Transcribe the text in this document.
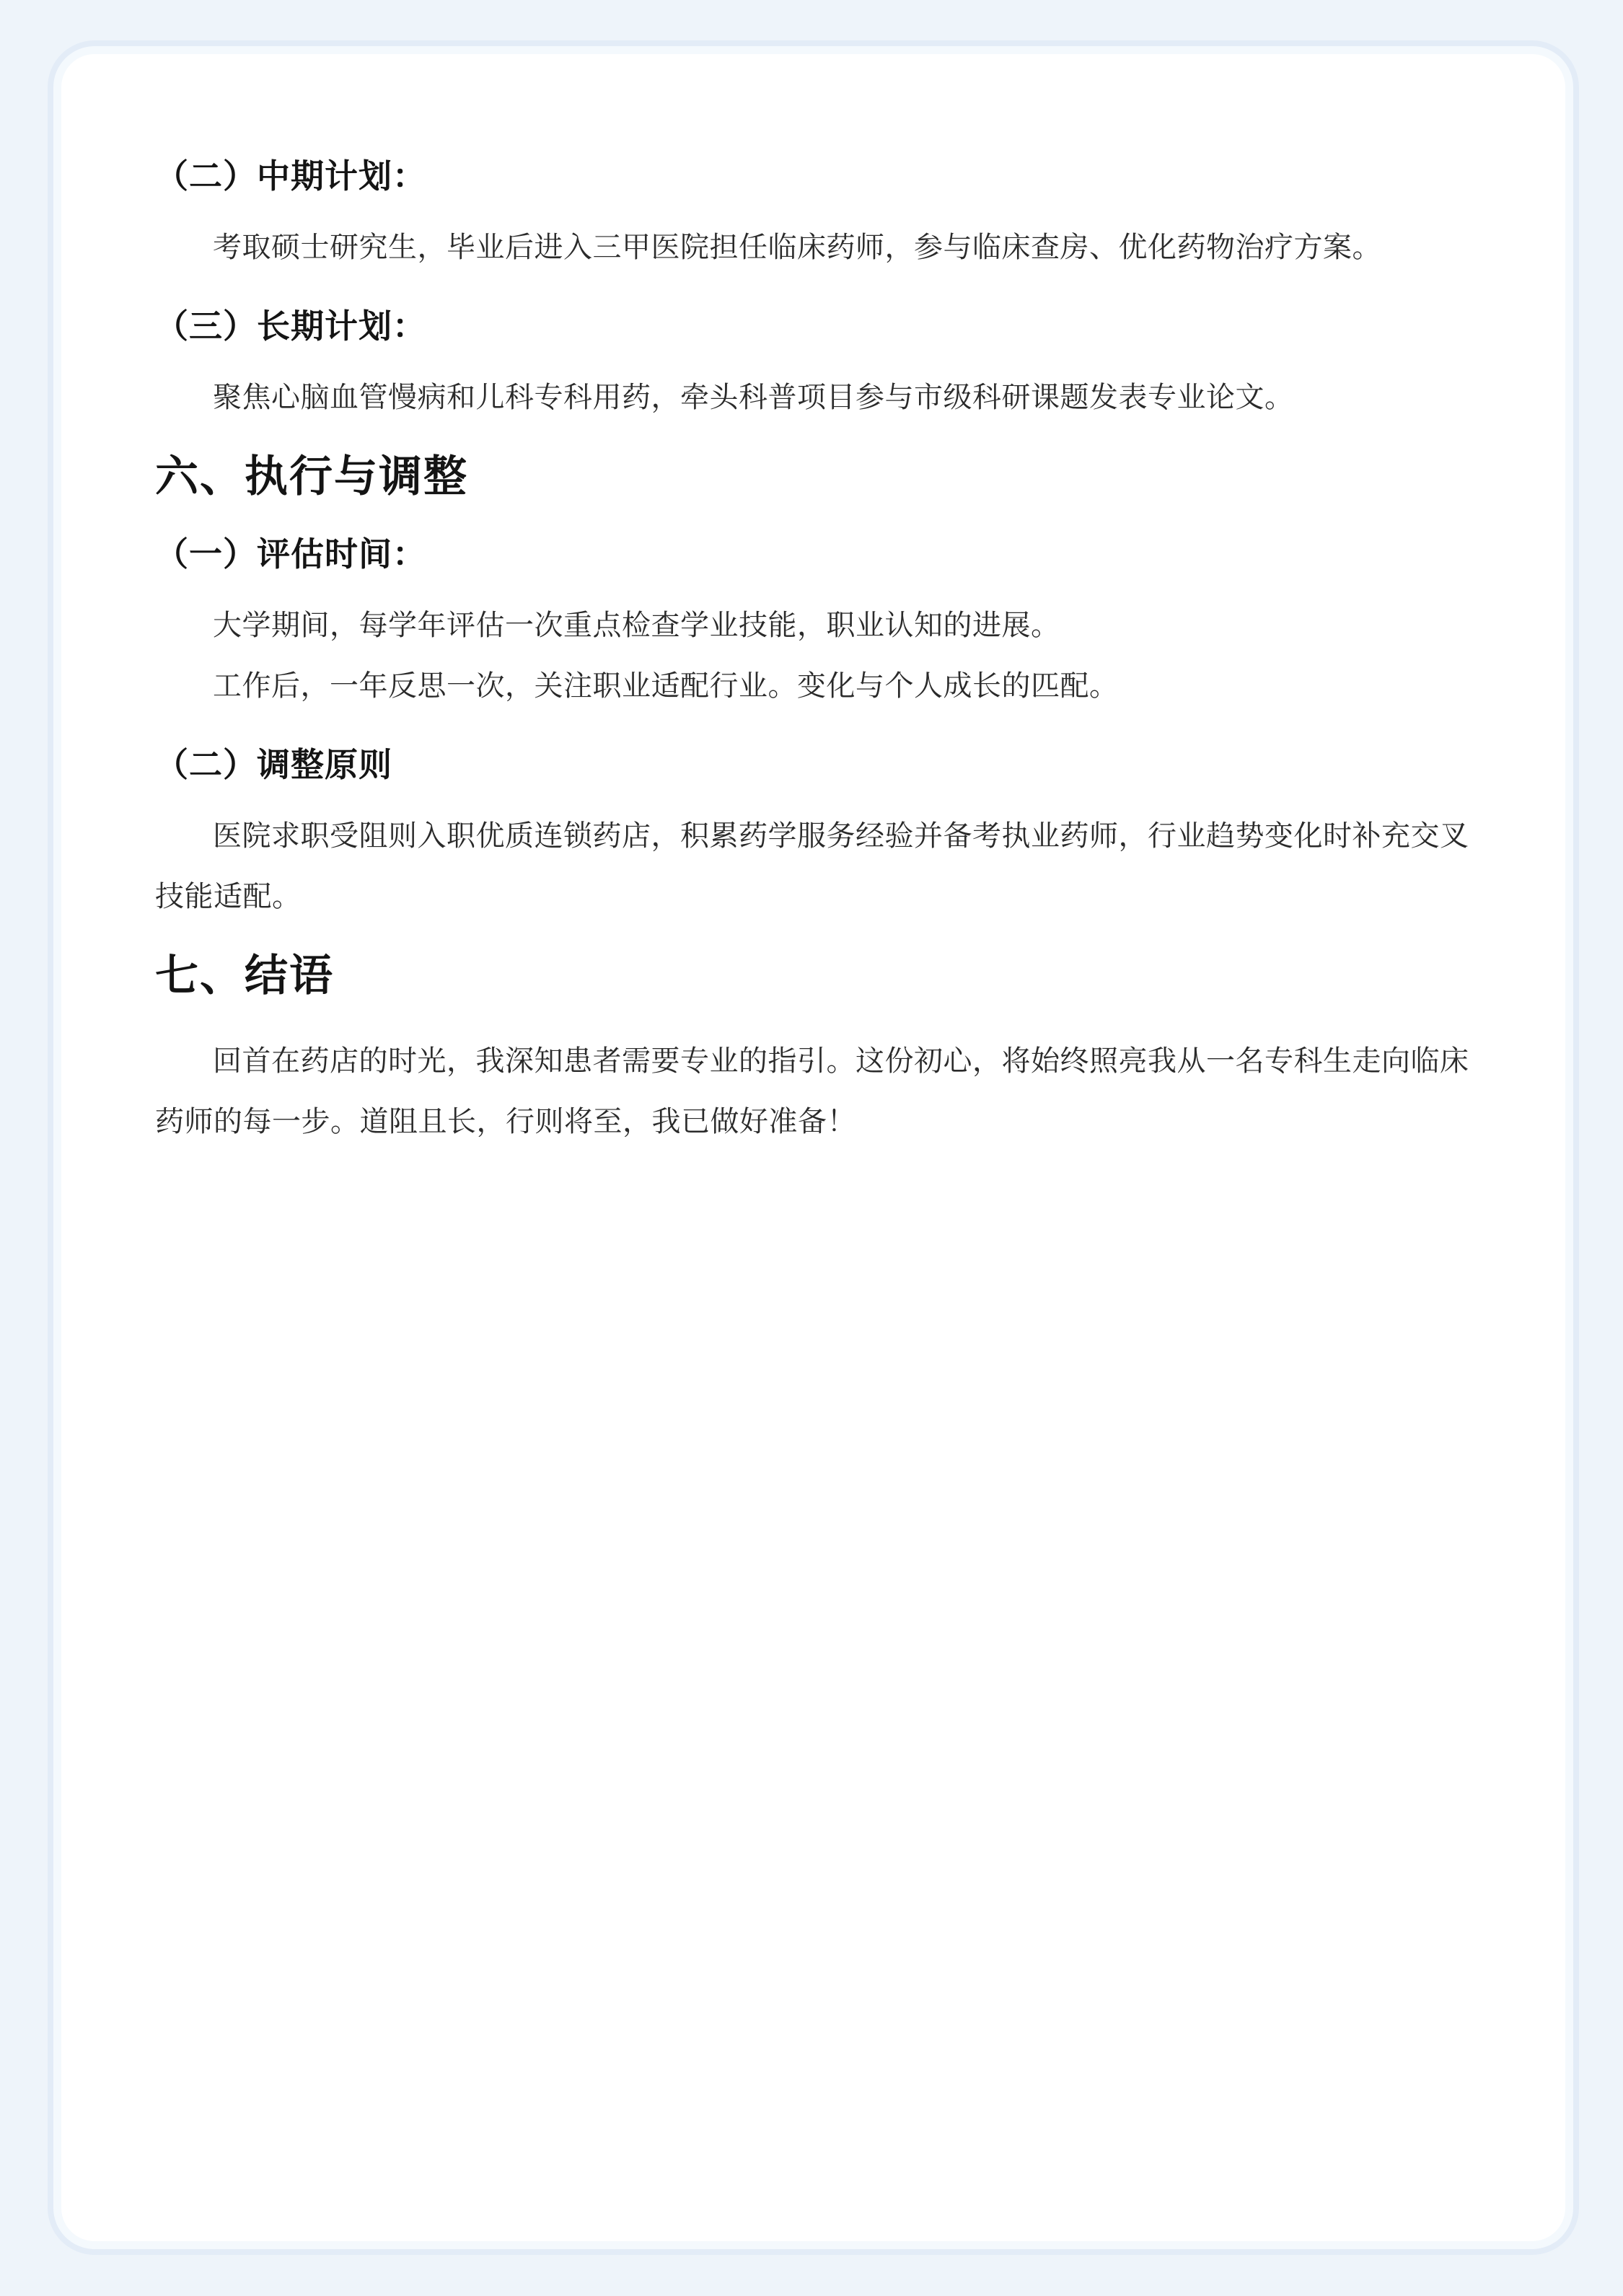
（二）中期计划：

考取硕士研究生，毕业后进入三甲医院担任临床药师，参与临床查房、优化药物治疗方案。

（三）长期计划：

聚焦心脑血管慢病和儿科专科用药，牵头科普项目参与市级科研课题发表专业论文。

六、执行与调整
（一）评估时间：

大学期间，每学年评估一次重点检查学业技能，职业认知的进展。

工作后，一年反思一次，关注职业适配行业。变化与个人成长的匹配。

（二）调整原则

医院求职受阻则入职优质连锁药店，积累药学服务经验并备考执业药师，行业趋势变化时补充交叉技能适配。

七、结语

回首在药店的时光，我深知患者需要专业的指引。这份初心，将始终照亮我从一名专科生走向临床药师的每一步。道阻且长，行则将至，我已做好准备！
